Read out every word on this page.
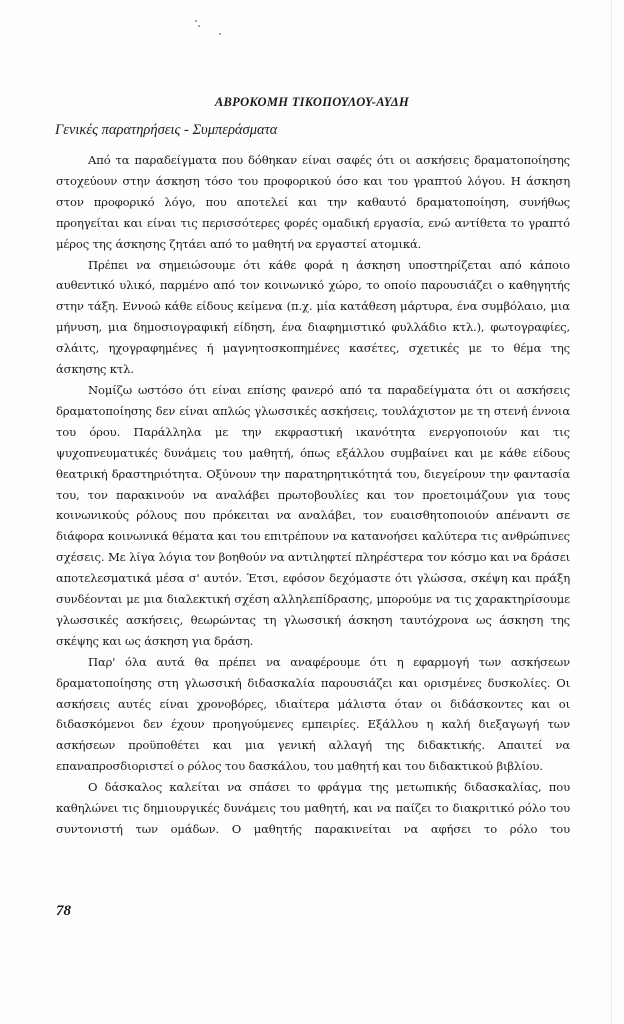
ΑΒΡΟΚΟΜΗ ΤΙΚΟΠΟΥΛΟΥ-ΑΥΔΗ
Γενικές παρατηρήσεις - Συμπεράσματα

Από τα παραδείγματα που δόθηκαν είναι σαφές ότι οι ασκήσεις δραματοποίησης στοχεύουν στην άσκηση τόσο του προφορικού όσο και του γραπτού λόγου. Η άσκηση στον προφορικό λόγο, που αποτελεί και την καθαυτό δραματοποίηση, συνήθως προηγείται και είναι τις περισσότερες φορές ομαδική εργασία, ενώ αντίθετα το γραπτό μέρος της άσκησης ζητάει από το μαθητή να εργαστεί ατομικά.

Πρέπει να σημειώσουμε ότι κάθε φορά η άσκηση υποστηρίζεται από κάποιο αυθεντικό υλικό, παρμένο από τον κοινωνικό χώρο, το οποίο παρουσιάζει ο καθηγητής στην τάξη. Εννοώ κάθε είδους κείμενα (π.χ. μία κατάθεση μάρτυρα, ένα συμβόλαιο, μια μήνυση, μια δημοσιογραφική είδηση, ένα διαφημιστικό φυλλάδιο κτλ.), φωτογραφίες, σλάιτς, ηχογραφημένες ή μαγνητοσκοπημένες κασέτες, σχετικές με το θέμα της άσκησης κτλ.

Νομίζω ωστόσο ότι είναι επίσης φανερό από τα παραδείγματα ότι οι ασκήσεις δραματοποίησης δεν είναι απλώς γλωσσικές ασκήσεις, τουλάχιστον με τη στενή έννοια του όρου. Παράλληλα με την εκφραστική ικανότητα ενεργοποιούν και τις ψυχοπνευματικές δυνάμεις του μαθητή, όπως εξάλλου συμβαίνει και με κάθε είδους θεατρική δραστηριότητα. Οξύνουν την παρατηρητικότητά του, διεγείρουν την φαντασία του, τον παρακινούν να αναλάβει πρωτοβουλίες και τον προετοιμάζουν για τους κοινωνικούς ρόλους που πρόκειται να αναλάβει, τον ευαισθητοποιούν απέναντι σε διάφορα κοινωνικά θέματα και του επιτρέπουν να κατανοήσει καλύτερα τις ανθρώπινες σχέσεις. Με λίγα λόγια τον βοηθούν να αντιληφτεί πληρέστερα τον κόσμο και να δράσει αποτελεσματικά μέσα σ' αυτόν. Έτσι, εφόσον δεχόμαστε ότι γλώσσα, σκέψη και πράξη συνδέονται με μια διαλεκτική σχέση αλληλεπίδρασης, μπορούμε να τις χαρακτηρίσουμε γλωσσικές ασκήσεις, θεωρώντας τη γλωσσική άσκηση ταυτόχρονα ως άσκηση της σκέψης και ως άσκηση για δράση.

Παρ' όλα αυτά θα πρέπει να αναφέρουμε ότι η εφαρμογή των ασκήσεων δραματοποίησης στη γλωσσική διδασκαλία παρουσιάζει και ορισμένες δυσκολίες. Οι ασκήσεις αυτές είναι χρονοβόρες, ιδιαίτερα μάλιστα όταν οι διδάσκοντες και οι διδασκόμενοι δεν έχουν προηγούμενες εμπειρίες. Εξάλλου η καλή διεξαγωγή των ασκήσεων προϋποθέτει και μια γενική αλλαγή της διδακτικής. Απαιτεί να επαναπροσδιοριστεί ο ρόλος του δασκάλου, του μαθητή και του διδακτικού βιβλίου.

Ο δάσκαλος καλείται να σπάσει το φράγμα της μετωπικής διδασκαλίας, που καθηλώνει τις δημιουργικές δυνάμεις του μαθητή, και να παίζει το διακριτικό ρόλο του συντονιστή των ομάδων. Ο μαθητής παρακινείται να αφήσει το ρόλο του

78
